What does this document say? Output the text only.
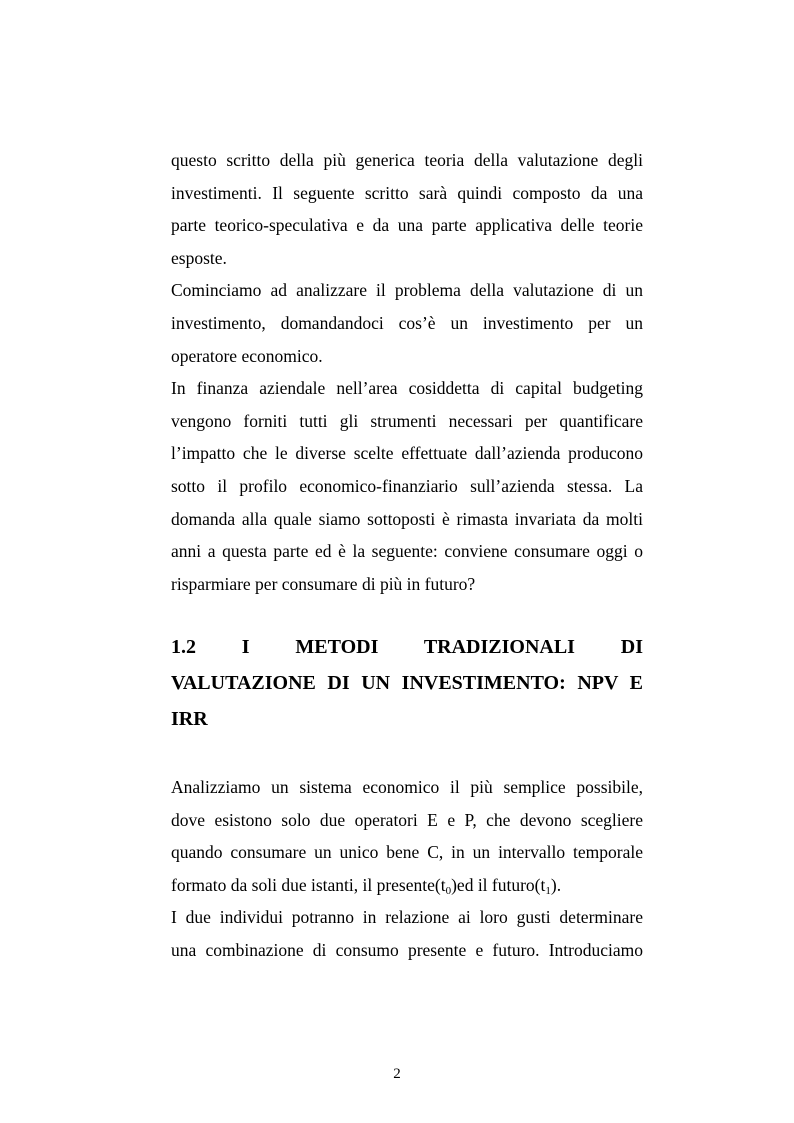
questo scritto della più generica teoria della valutazione degli
investimenti. Il seguente scritto sarà quindi composto da una
parte teorico-speculativa e da una parte applicativa delle teorie
esposte.

Cominciamo ad analizzare il problema della valutazione di un
investimento, domandandoci cos’è un investimento per un
operatore economico.

In finanza aziendale nell’area cosiddetta di capital budgeting
vengono forniti tutti gli strumenti necessari per quantificare
l’impatto che le diverse scelte effettuate dall’azienda producono
sotto il profilo economico-finanziario sull’azienda stessa. La
domanda alla quale siamo sottoposti è rimasta invariata da molti
anni a questa parte ed è la seguente: conviene consumare oggi o
risparmiare per consumare di più in futuro?

1.2 I METODI TRADIZIONALI DI
VALUTAZIONE DI UN INVESTIMENTO: NPV E
IRR

Analizziamo un sistema economico il più semplice possibile,
dove esistono solo due operatori E e P, che devono scegliere
quando consumare un unico bene C, in un intervallo temporale
formato da soli due istanti, il $presente(t_0)ed$ il $futuro(t_1)$.

I due individui potranno in relazione ai loro gusti determinare
una combinazione di consumo presente e futuro. Introduciamo

2
